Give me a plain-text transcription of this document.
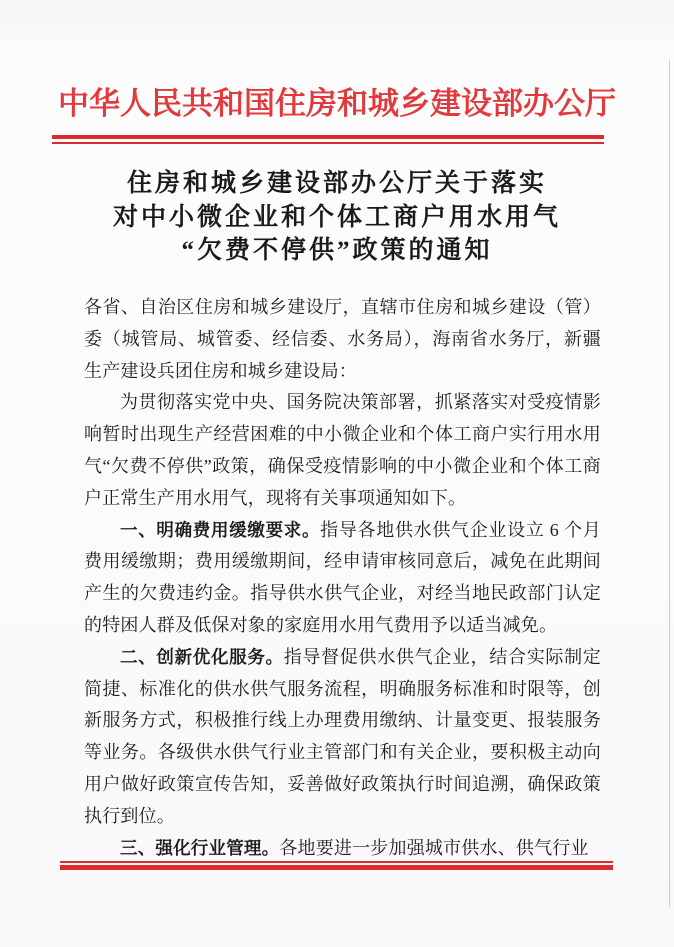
中华人民共和国住房和城乡建设部办公厅
住房和城乡建设部办公厅关于落实
对中小微企业和个体工商户用水用气
“欠费不停供”政策的通知

各省、自治区住房和城乡建设厅，直辖市住房和城乡建设（管）委（城管局、城管委、经信委、水务局），海南省水务厅，新疆生产建设兵团住房和城乡建设局：

为贯彻落实党中央、国务院决策部署，抓紧落实对受疫情影响暂时出现生产经营困难的中小微企业和个体工商户实行用水用气“欠费不停供”政策，确保受疫情影响的中小微企业和个体工商户正常生产用水用气，现将有关事项通知如下。

一、明确费用缓缴要求。指导各地供水供气企业设立 6 个月费用缓缴期；费用缓缴期间，经申请审核同意后，减免在此期间产生的欠费违约金。指导供水供气企业，对经当地民政部门认定的特困人群及低保对象的家庭用水用气费用予以适当减免。

二、创新优化服务。指导督促供水供气企业，结合实际制定简捷、标准化的供水供气服务流程，明确服务标准和时限等，创新服务方式，积极推行线上办理费用缴纳、计量变更、报装服务等业务。各级供水供气行业主管部门和有关企业，要积极主动向用户做好政策宣传告知，妥善做好政策执行时间追溯，确保政策执行到位。

三、强化行业管理。各地要进一步加强城市供水、供气行业
